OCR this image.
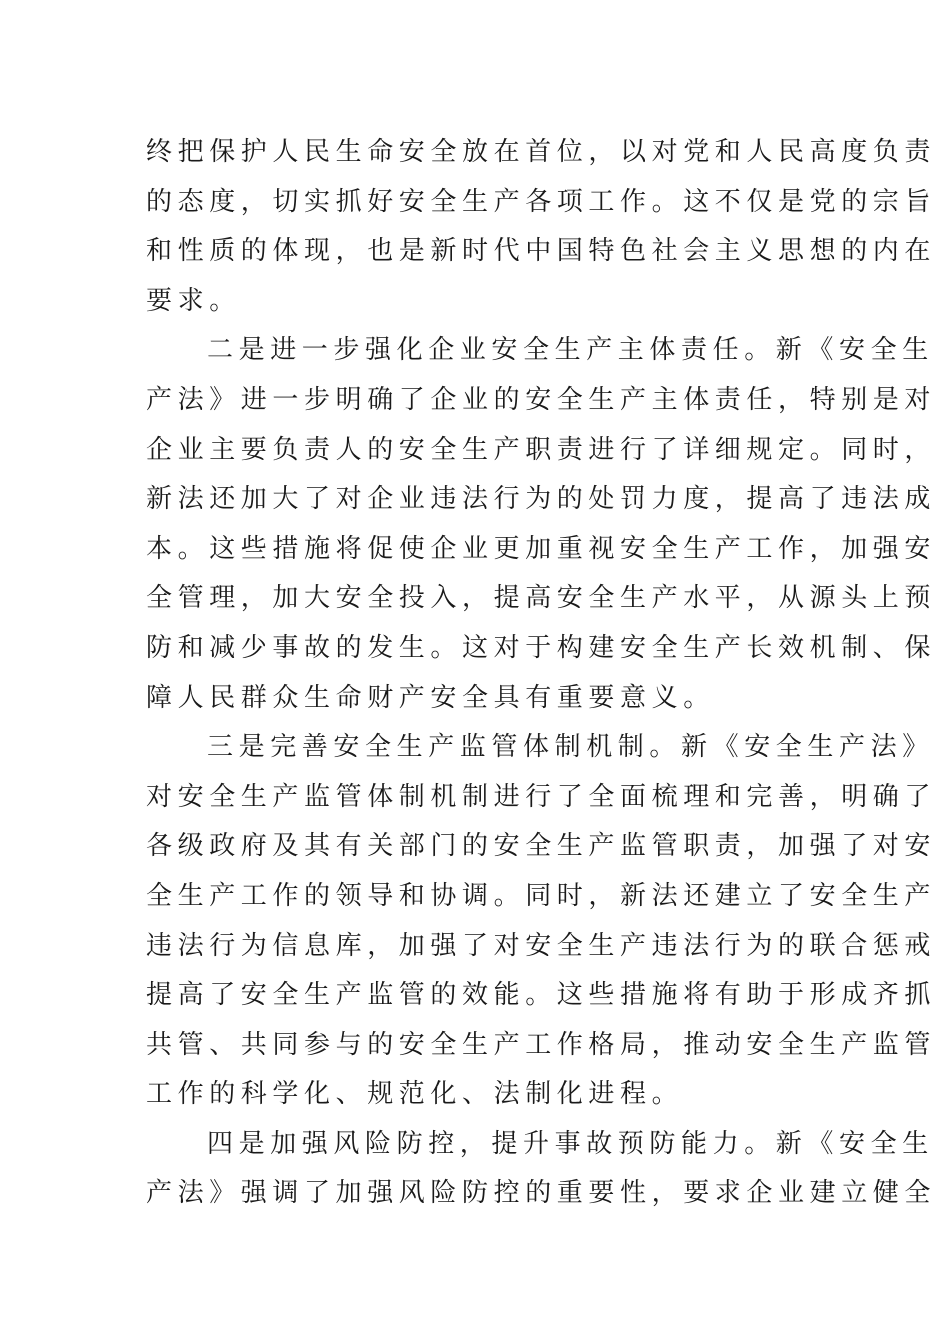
终把保护人民生命安全放在首位，以对党和人民高度负责
的态度，切实抓好安全生产各项工作。这不仅是党的宗旨
和性质的体现，也是新时代中国特色社会主义思想的内在
要求。
二是进一步强化企业安全生产主体责任。新《安全生
产法》进一步明确了企业的安全生产主体责任，特别是对
企业主要负责人的安全生产职责进行了详细规定。同时，
新法还加大了对企业违法行为的处罚力度，提高了违法成
本。这些措施将促使企业更加重视安全生产工作，加强安
全管理，加大安全投入，提高安全生产水平，从源头上预
防和减少事故的发生。这对于构建安全生产长效机制、保
障人民群众生命财产安全具有重要意义。
三是完善安全生产监管体制机制。新《安全生产法》
对安全生产监管体制机制进行了全面梳理和完善，明确了
各级政府及其有关部门的安全生产监管职责，加强了对安
全生产工作的领导和协调。同时，新法还建立了安全生产
违法行为信息库，加强了对安全生产违法行为的联合惩戒
提高了安全生产监管的效能。这些措施将有助于形成齐抓
共管、共同参与的安全生产工作格局，推动安全生产监管
工作的科学化、规范化、法制化进程。
四是加强风险防控，提升事故预防能力。新《安全生
产法》强调了加强风险防控的重要性，要求企业建立健全
